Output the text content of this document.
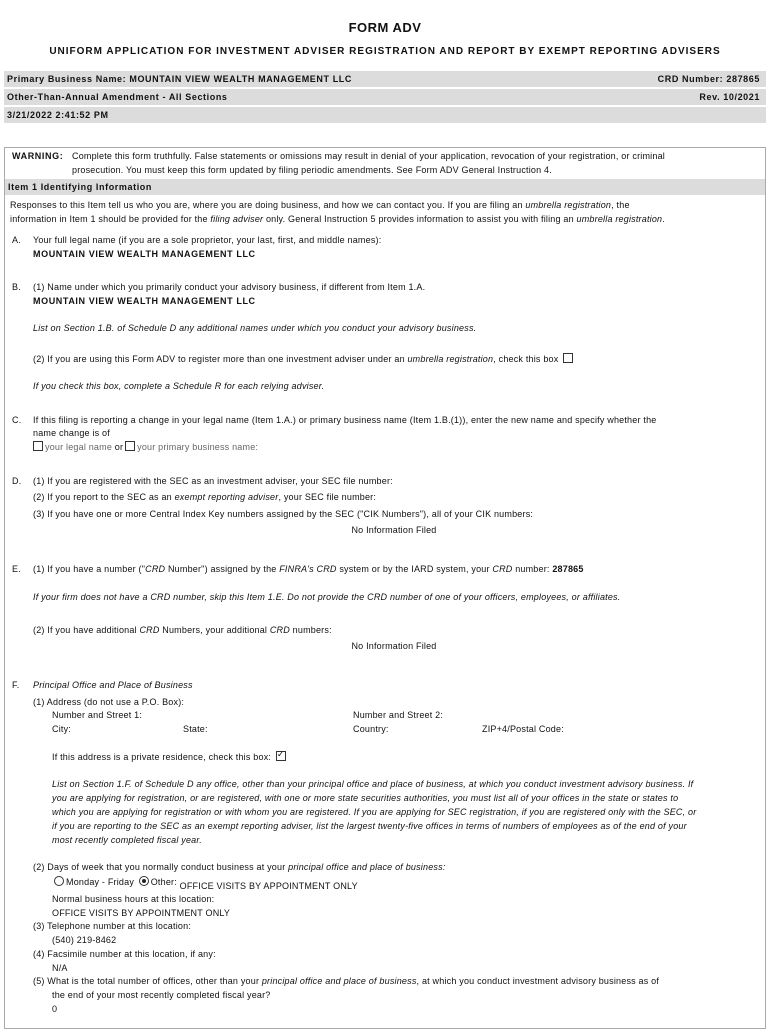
FORM ADV
UNIFORM APPLICATION FOR INVESTMENT ADVISER REGISTRATION AND REPORT BY EXEMPT REPORTING ADVISERS
Primary Business Name: MOUNTAIN VIEW WEALTH MANAGEMENT LLC	CRD Number: 287865
Other-Than-Annual Amendment - All Sections	Rev. 10/2021
3/21/2022 2:41:52 PM
WARNING: Complete this form truthfully. False statements or omissions may result in denial of your application, revocation of your registration, or criminal
prosecution. You must keep this form updated by filing periodic amendments. See Form ADV General Instruction 4.
Item 1 Identifying Information
Responses to this Item tell us who you are, where you are doing business, and how we can contact you. If you are filing an umbrella registration, the
information in Item 1 should be provided for the filing adviser only. General Instruction 5 provides information to assist you with filing an umbrella registration.
A. Your full legal name (if you are a sole proprietor, your last, first, and middle names):
MOUNTAIN VIEW WEALTH MANAGEMENT LLC
B. (1) Name under which you primarily conduct your advisory business, if different from Item 1.A.
MOUNTAIN VIEW WEALTH MANAGEMENT LLC
List on Section 1.B. of Schedule D any additional names under which you conduct your advisory business.
(2) If you are using this Form ADV to register more than one investment adviser under an umbrella registration, check this box
If you check this box, complete a Schedule R for each relying adviser.
C. If this filing is reporting a change in your legal name (Item 1.A.) or primary business name (Item 1.B.(1)), enter the new name and specify whether the
name change is of
your legal name or your primary business name:
D. (1) If you are registered with the SEC as an investment adviser, your SEC file number:
(2) If you report to the SEC as an exempt reporting adviser, your SEC file number:
(3) If you have one or more Central Index Key numbers assigned by the SEC ("CIK Numbers"), all of your CIK numbers:
No Information Filed
E. (1) If you have a number ("CRD Number") assigned by the FINRA's CRD system or by the IARD system, your CRD number: 287865
If your firm does not have a CRD number, skip this Item 1.E. Do not provide the CRD number of one of your officers, employees, or affiliates.
(2) If you have additional CRD Numbers, your additional CRD numbers:
No Information Filed
F. Principal Office and Place of Business
(1) Address (do not use a P.O. Box):
Number and Street 1:	Number and Street 2:
City:	State:	Country:	ZIP+4/Postal Code:
If this address is a private residence, check this box: ✓
List on Section 1.F. of Schedule D any office, other than your principal office and place of business, at which you conduct investment advisory business. If
you are applying for registration, or are registered, with one or more state securities authorities, you must list all of your offices in the state or states to
which you are applying for registration or with whom you are registered. If you are applying for SEC registration, if you are registered only with the SEC, or
if you are reporting to the SEC as an exempt reporting adviser, list the largest twenty-five offices in terms of numbers of employees as of the end of your
most recently completed fiscal year.
(2) Days of week that you normally conduct business at your principal office and place of business:
Monday - Friday Other: OFFICE VISITS BY APPOINTMENT ONLY
Normal business hours at this location:
OFFICE VISITS BY APPOINTMENT ONLY
(3) Telephone number at this location:
(540) 219-8462
(4) Facsimile number at this location, if any:
N/A
(5) What is the total number of offices, other than your principal office and place of business, at which you conduct investment advisory business as of
the end of your most recently completed fiscal year?
0
